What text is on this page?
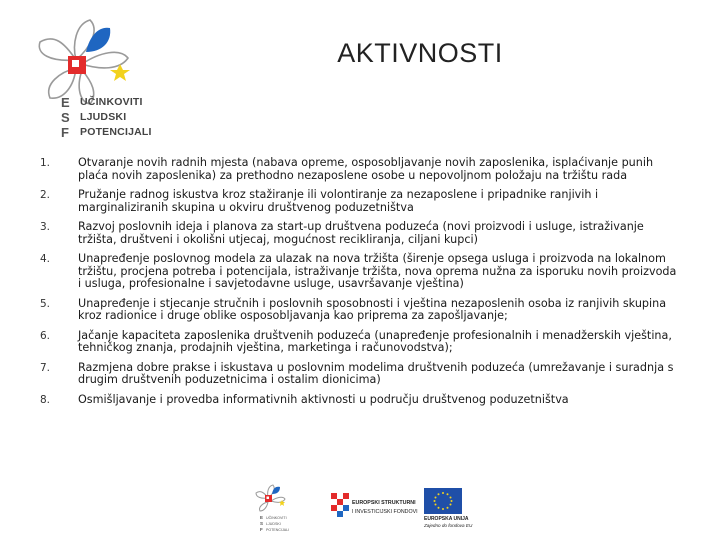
E
S
F
UČINKOVITI
LJUDSKI
POTENCIJALI
AKTIVNOSTI
1.	Otvaranje novih radnih mjesta (nabava opreme, osposobljavanje novih zaposlenika, isplaćivanje punih plaća novih zaposlenika) za prethodno nezaposlene osobe u nepovoljnom položaju na tržištu rada
2.	Pružanje radnog iskustva kroz stažiranje ili volontiranje za nezaposlene i pripadnike ranjivih i marginaliziranih skupina u okviru društvenog poduzetništva
3.	Razvoj poslovnih ideja i planova za start-up društvena poduzeća (novi proizvodi i usluge, istraživanje tržišta, društveni i okolišni utjecaj, mogućnost recikliranja, ciljani kupci)
4.	Unapređenje poslovnog modela za ulazak na nova tržišta (širenje opsega usluga i proizvoda na lokalnom tržištu, procjena potreba i potencijala, istraživanje tržišta, nova oprema nužna za isporuku novih proizvoda i usluga, profesionalne i savjetodavne usluge, usavršavanje vještina)
5.	Unapređenje i stjecanje stručnih i poslovnih sposobnosti i vještina nezaposlenih osoba iz ranjivih skupina kroz radionice i druge oblike osposobljavanja kao priprema za zapošljavanje;
6.	Jačanje kapaciteta zaposlenika društvenih poduzeća (unapređenje profesionalnih i menadžerskih vještina, tehničkog znanja, prodajnih vještina, marketinga i računovodstva);
7.	Razmjena dobre prakse i iskustava u poslovnim modelima društvenih poduzeća (umrežavanje i suradnja s drugim društvenih poduzetnicima i ostalim dionicima)
8.	Osmišljavanje i provedba informativnih aktivnosti u području društvenog poduzetništva
E
S
F
UČINKOVITI
LJUDSKI
POTENCIJALI
EUROPSKI STRUKTURNI
I INVESTICIJSKI FONDOVI
EUROPSKA UNIJA
Zajedno do fondova EU
